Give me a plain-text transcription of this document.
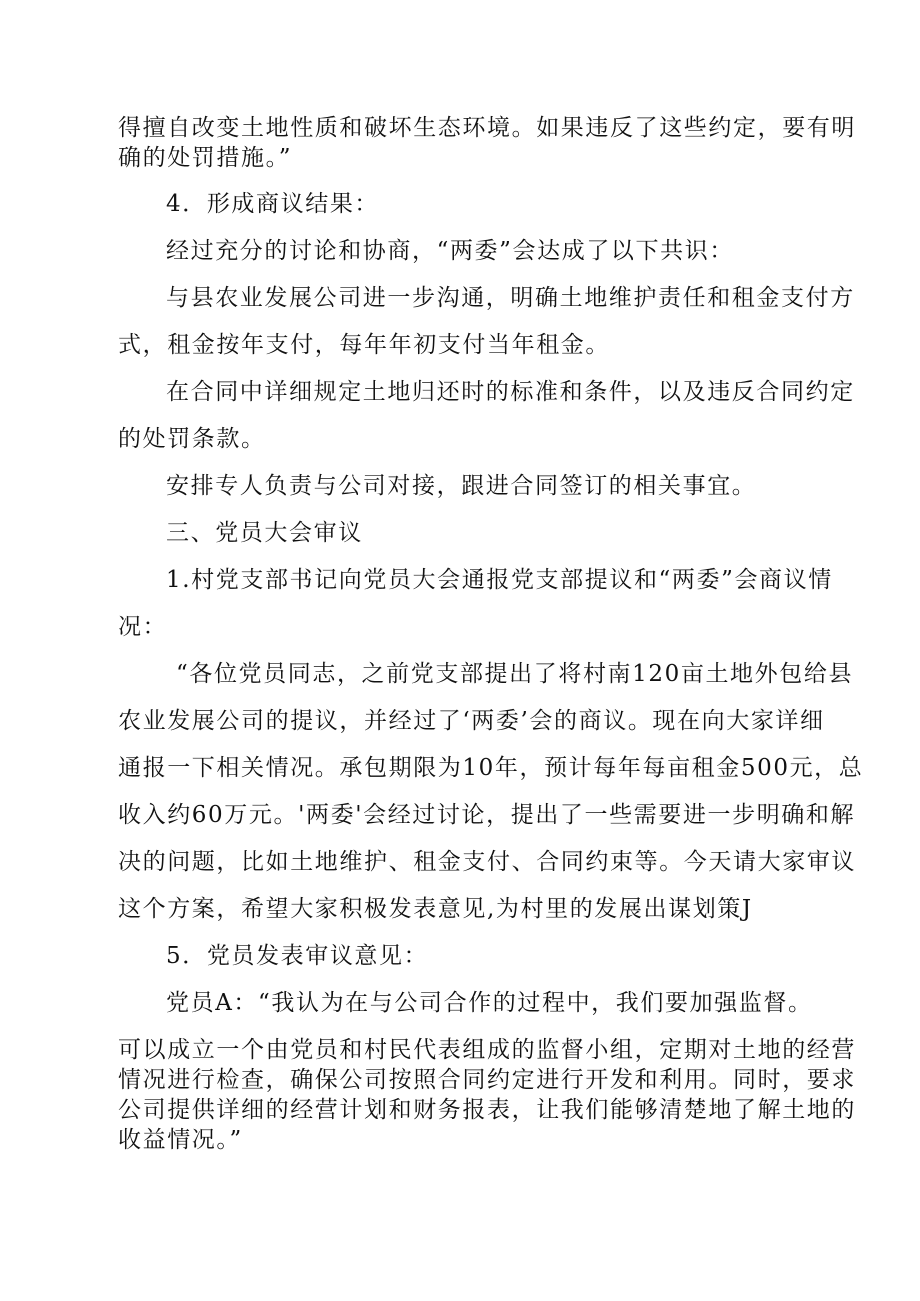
得擅自改变土地性质和破坏生态环境。如果违反了这些约定，要有明

确的处罚措施。”

4．形成商议结果：

经过充分的讨论和协商，“两委”会达成了以下共识：

与县农业发展公司进一步沟通，明确土地维护责任和租金支付方

式，租金按年支付，每年年初支付当年租金。

在合同中详细规定土地归还时的标准和条件，以及违反合同约定

的处罚条款。

安排专人负责与公司对接，跟进合同签订的相关事宜。

三、党员大会审议

1.村党支部书记向党员大会通报党支部提议和“两委”会商议情

况：

“各位党员同志，之前党支部提出了将村南120亩土地外包给县

农业发展公司的提议，并经过了‘两委’会的商议。现在向大家详细

通报一下相关情况。承包期限为10年，预计每年每亩租金500元，总

收入约60万元。'两委'会经过讨论，提出了一些需要进一步明确和解

决的问题，比如土地维护、租金支付、合同约束等。今天请大家审议

这个方案，希望大家积极发表意见,为村里的发展出谋划策J

5．党员发表审议意见：

党员A：“我认为在与公司合作的过程中，我们要加强监督。

可以成立一个由党员和村民代表组成的监督小组，定期对土地的经营

情况进行检查，确保公司按照合同约定进行开发和利用。同时，要求

公司提供详细的经营计划和财务报表，让我们能够清楚地了解土地的

收益情况。”
